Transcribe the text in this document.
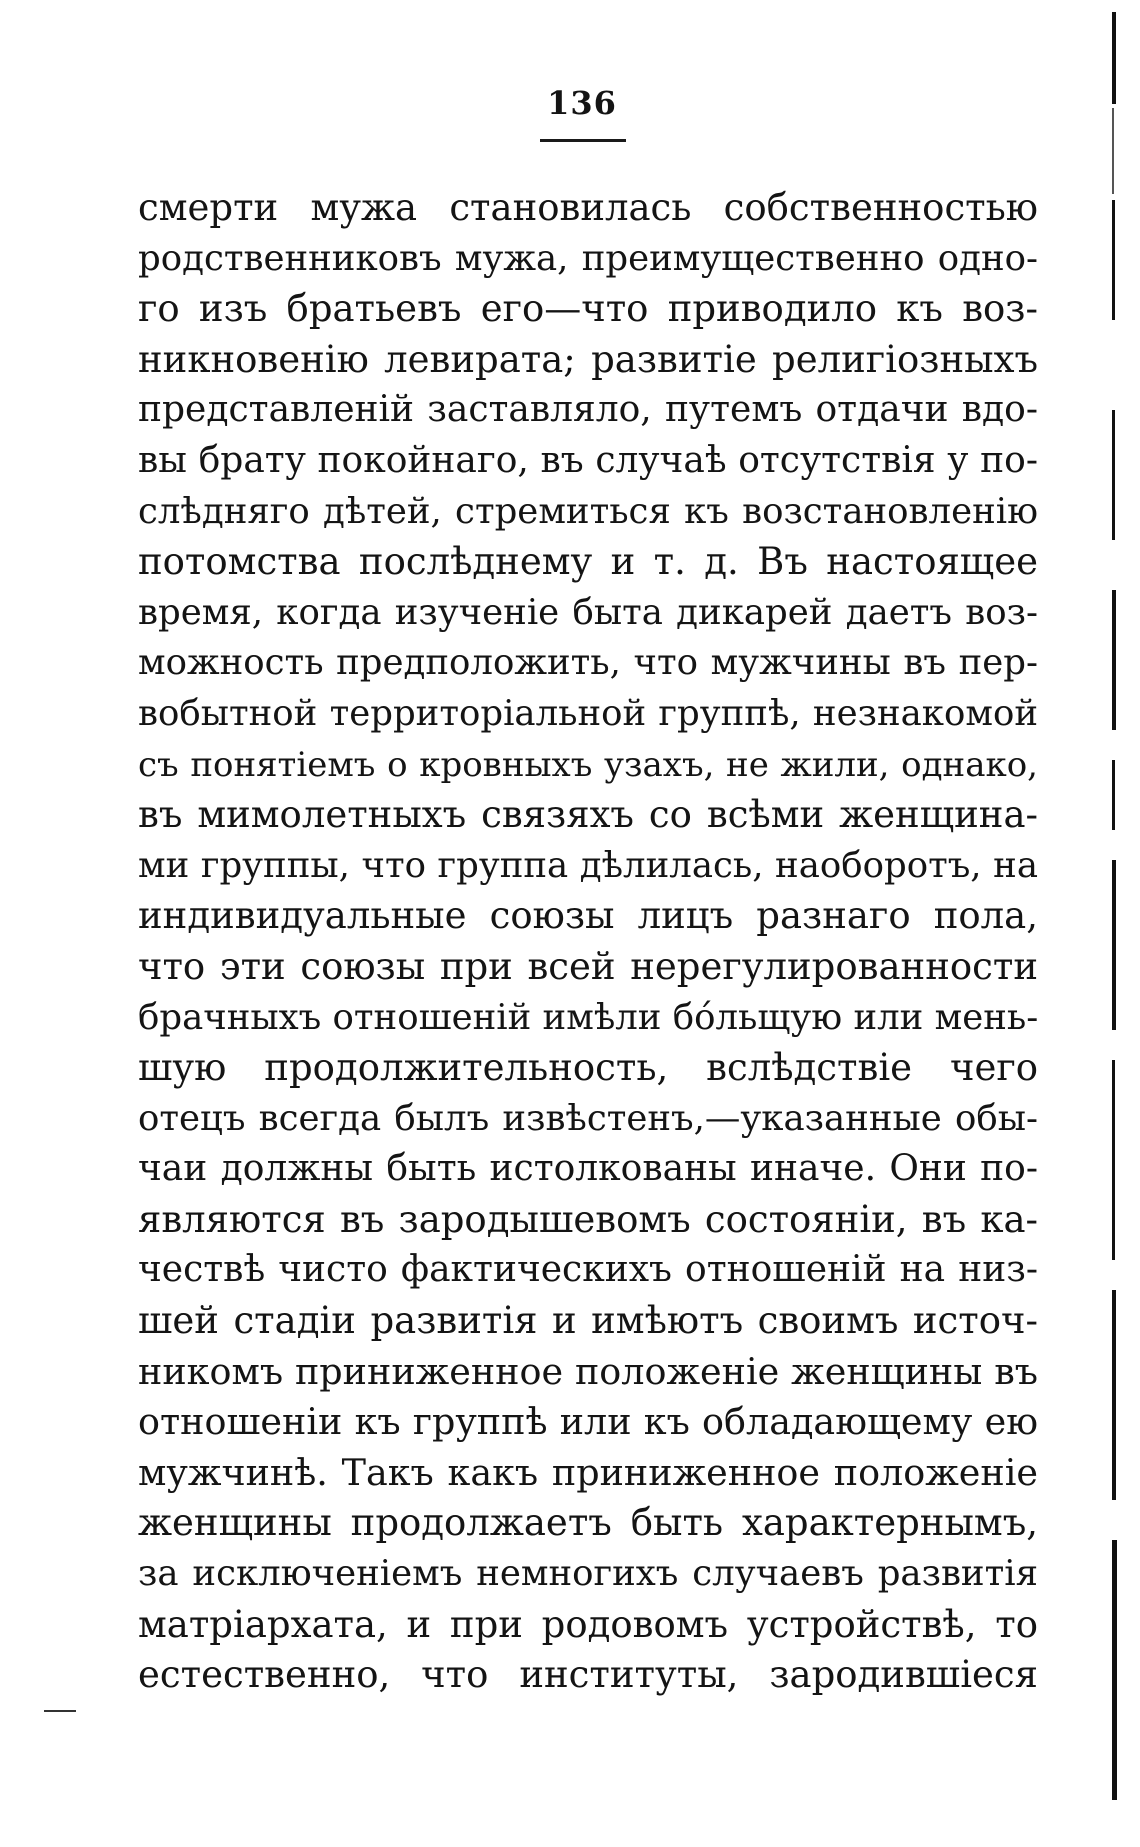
136
смерти мужа становилась собственностью
родственниковъ мужа, преимущественно одно-
го изъ братьевъ его—что приводило къ воз-
никновенію левирата; развитіе религіозныхъ
представленій заставляло, путемъ отдачи вдо-
вы брату покойнаго, въ случаѣ отсутствія у по-
слѣдняго дѣтей, стремиться къ возстановленію
потомства послѣднему и т. д. Въ настоящее
время, когда изученіе быта дикарей даетъ воз-
можность предположить, что мужчины въ пер-
вобытной территоріальной группѣ, незнакомой
съ понятіемъ о кровныхъ узахъ, не жили, однако,
въ мимолетныхъ связяхъ со всѣми женщина-
ми группы, что группа дѣлилась, наоборотъ, на
индивидуальные союзы лицъ разнаго пола,
что эти союзы при всей нерегулированности
брачныхъ отношеній имѣли бóльщую или мень-
шую продолжительность, вслѣдствіе чего
отецъ всегда былъ извѣстенъ,—указанные обы-
чаи должны быть истолкованы иначе. Они по-
являются въ зародышевомъ состояніи, въ ка-
чествѣ чисто фактическихъ отношеній на низ-
шей стадіи развитія и имѣютъ своимъ источ-
никомъ приниженное положеніе женщины въ
отношеніи къ группѣ или къ обладающему ею
мужчинѣ. Такъ какъ приниженное положеніе
женщины продолжаетъ быть характернымъ,
за исключеніемъ немногихъ случаевъ развитія
матріархата, и при родовомъ устройствѣ, то
естественно, что институты, зародившіеся
